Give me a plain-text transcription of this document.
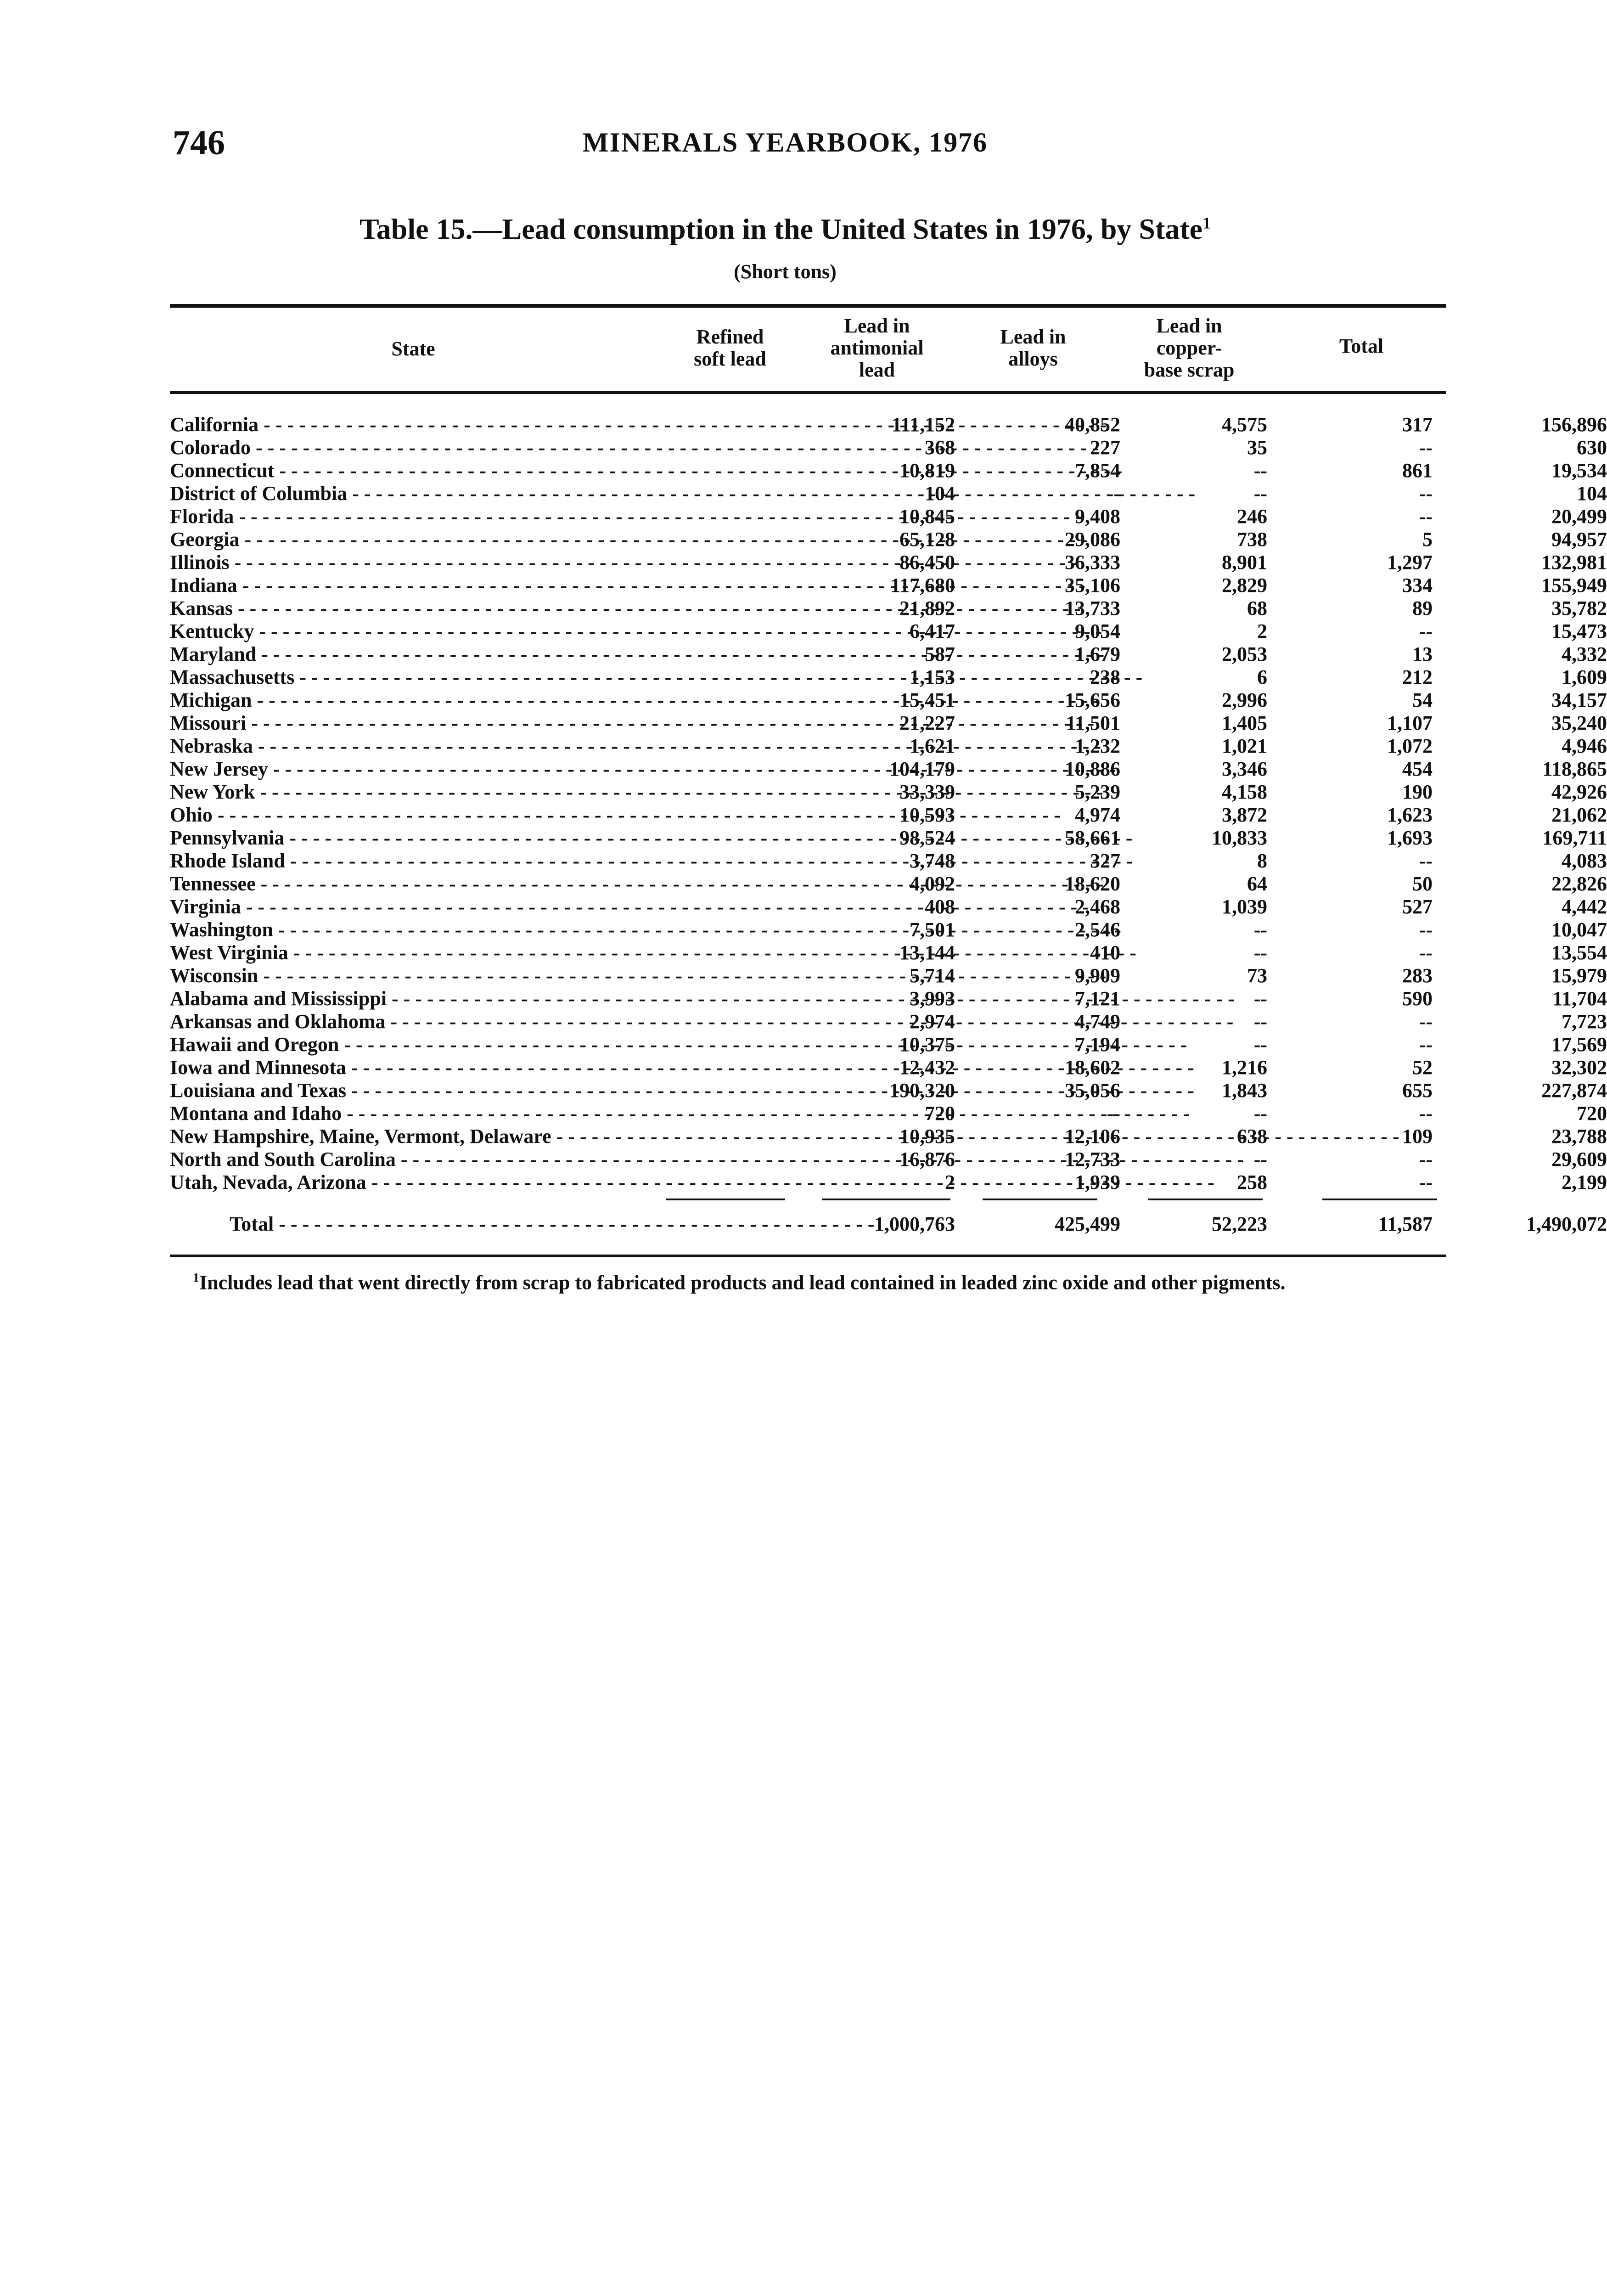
746	MINERALS YEARBOOK, 1976
Table 15.—Lead consumption in the United States in 1976, by State$^1$
(Short tons)
State
Refined
soft lead
Lead in
antimonial
lead
Lead in
alloys
Lead in
copper-
base scrap
Total
California - - -	111,152	40,852	4,575	317	156,896
Colorado - - -	368	227	35	--	630
Connecticut - - -	10,819	7,854	--	861	19,534
District of Columbia - - -	104	--	--	--	104
Florida - - -	10,845	9,408	246	--	20,499
Georgia - - -	65,128	29,086	738	5	94,957
Illinois - - -	86,450	36,333	8,901	1,297	132,981
Indiana - - -	117,680	35,106	2,829	334	155,949
Kansas - - -	21,892	13,733	68	89	35,782
Kentucky - - -	6,417	9,054	2	--	15,473
Maryland - - -	587	1,679	2,053	13	4,332
Massachusetts - - -	1,153	238	6	212	1,609
Michigan - - -	15,451	15,656	2,996	54	34,157
Missouri - - -	21,227	11,501	1,405	1,107	35,240
Nebraska - - -	1,621	1,232	1,021	1,072	4,946
New Jersey - - -	104,179	10,886	3,346	454	118,865
New York - - -	33,339	5,239	4,158	190	42,926
Ohio - - -	10,593	4,974	3,872	1,623	21,062
Pennsylvania - - -	98,524	58,661	10,833	1,693	169,711
Rhode Island - - -	3,748	327	8	--	4,083
Tennessee - - -	4,092	18,620	64	50	22,826
Virginia - - -	408	2,468	1,039	527	4,442
Washington - - -	7,501	2,546	--	--	10,047
West Virginia - - -	13,144	410	--	--	13,554
Wisconsin - - -	5,714	9,909	73	283	15,979
Alabama and Mississippi - - -	3,993	7,121	--	590	11,704
Arkansas and Oklahoma - - -	2,974	4,749	--	--	7,723
Hawaii and Oregon - - -	10,375	7,194	--	--	17,569
Iowa and Minnesota - - -	12,432	18,602	1,216	52	32,302
Louisiana and Texas - - -	190,320	35,056	1,843	655	227,874
Montana and Idaho - - -	720	--	--	--	720
New Hampshire, Maine, Vermont, Delaware - - -	10,935	12,106	638	109	23,788
North and South Carolina - - -	16,876	12,733	--	--	29,609
Utah, Nevada, Arizona - - -	2	1,939	258	--	2,199
Total - - -	1,000,763	425,499	52,223	11,587	1,490,072
$^1$Includes lead that went directly from scrap to fabricated products and lead contained in leaded zinc oxide and other pigments.
